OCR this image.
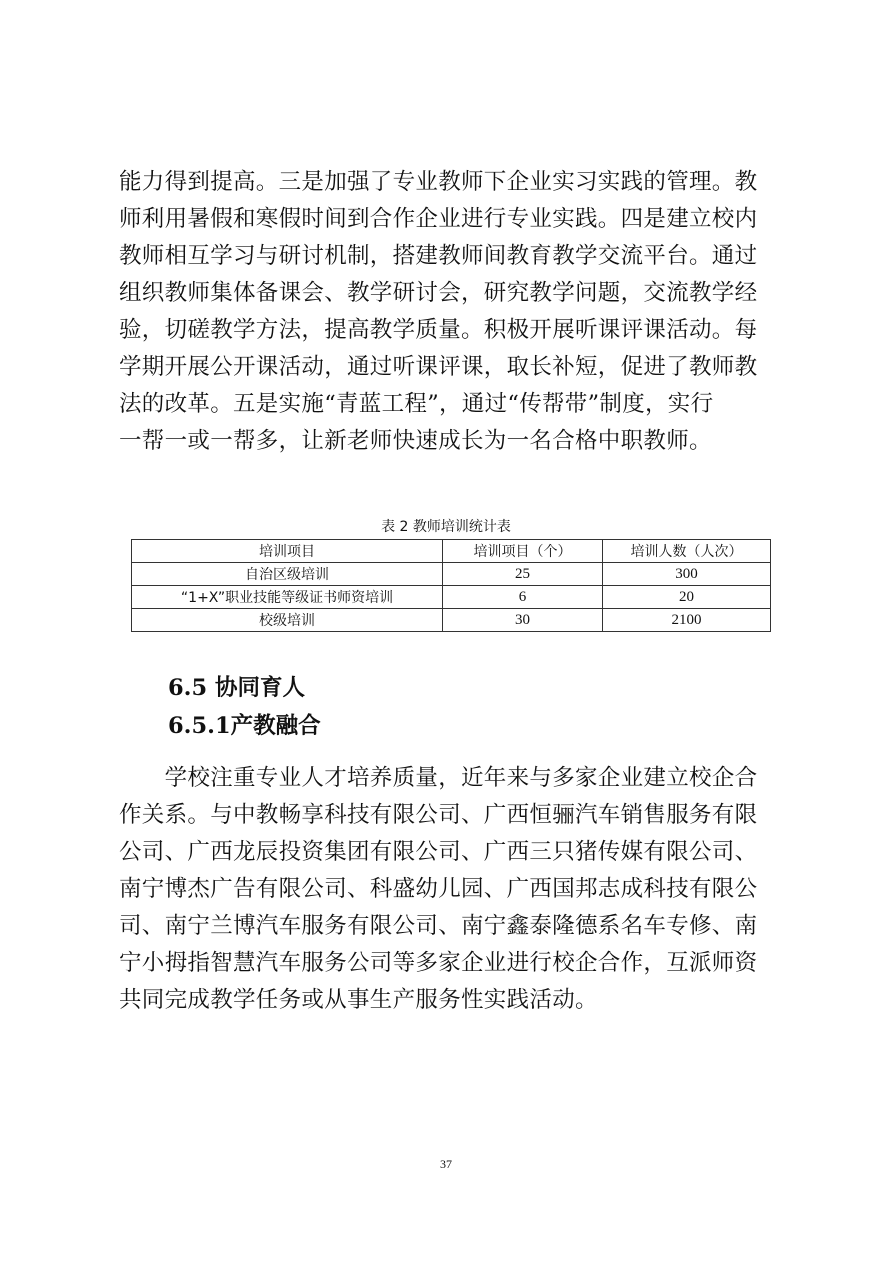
能力得到提高。三是加强了专业教师下企业实习实践的管理。教
师利用暑假和寒假时间到合作企业进行专业实践。四是建立校内
教师相互学习与研讨机制，搭建教师间教育教学交流平台。通过
组织教师集体备课会、教学研讨会，研究教学问题，交流教学经
验，切磋教学方法，提高教学质量。积极开展听课评课活动。每
学期开展公开课活动，通过听课评课，取长补短，促进了教师教
法的改革。五是实施“青蓝工程”，通过“传帮带”制度，实行
一帮一或一帮多，让新老师快速成长为一名合格中职教师。

表 2 教师培训统计表
培训项目	培训项目（个）	培训人数（人次）
自治区级培训	25	300
“1+X”职业技能等级证书师资培训	6	20
校级培训	30	2100
6.5 协同育人
6.5.1产教融合

　　学校注重专业人才培养质量，近年来与多家企业建立校企合
作关系。与中教畅享科技有限公司、广西恒骊汽车销售服务有限
公司、广西龙辰投资集团有限公司、广西三只猪传媒有限公司、
南宁博杰广告有限公司、科盛幼儿园、广西国邦志成科技有限公
司、南宁兰博汽车服务有限公司、南宁鑫泰隆德系名车专修、南
宁小拇指智慧汽车服务公司等多家企业进行校企合作，互派师资
共同完成教学任务或从事生产服务性实践活动。

37
